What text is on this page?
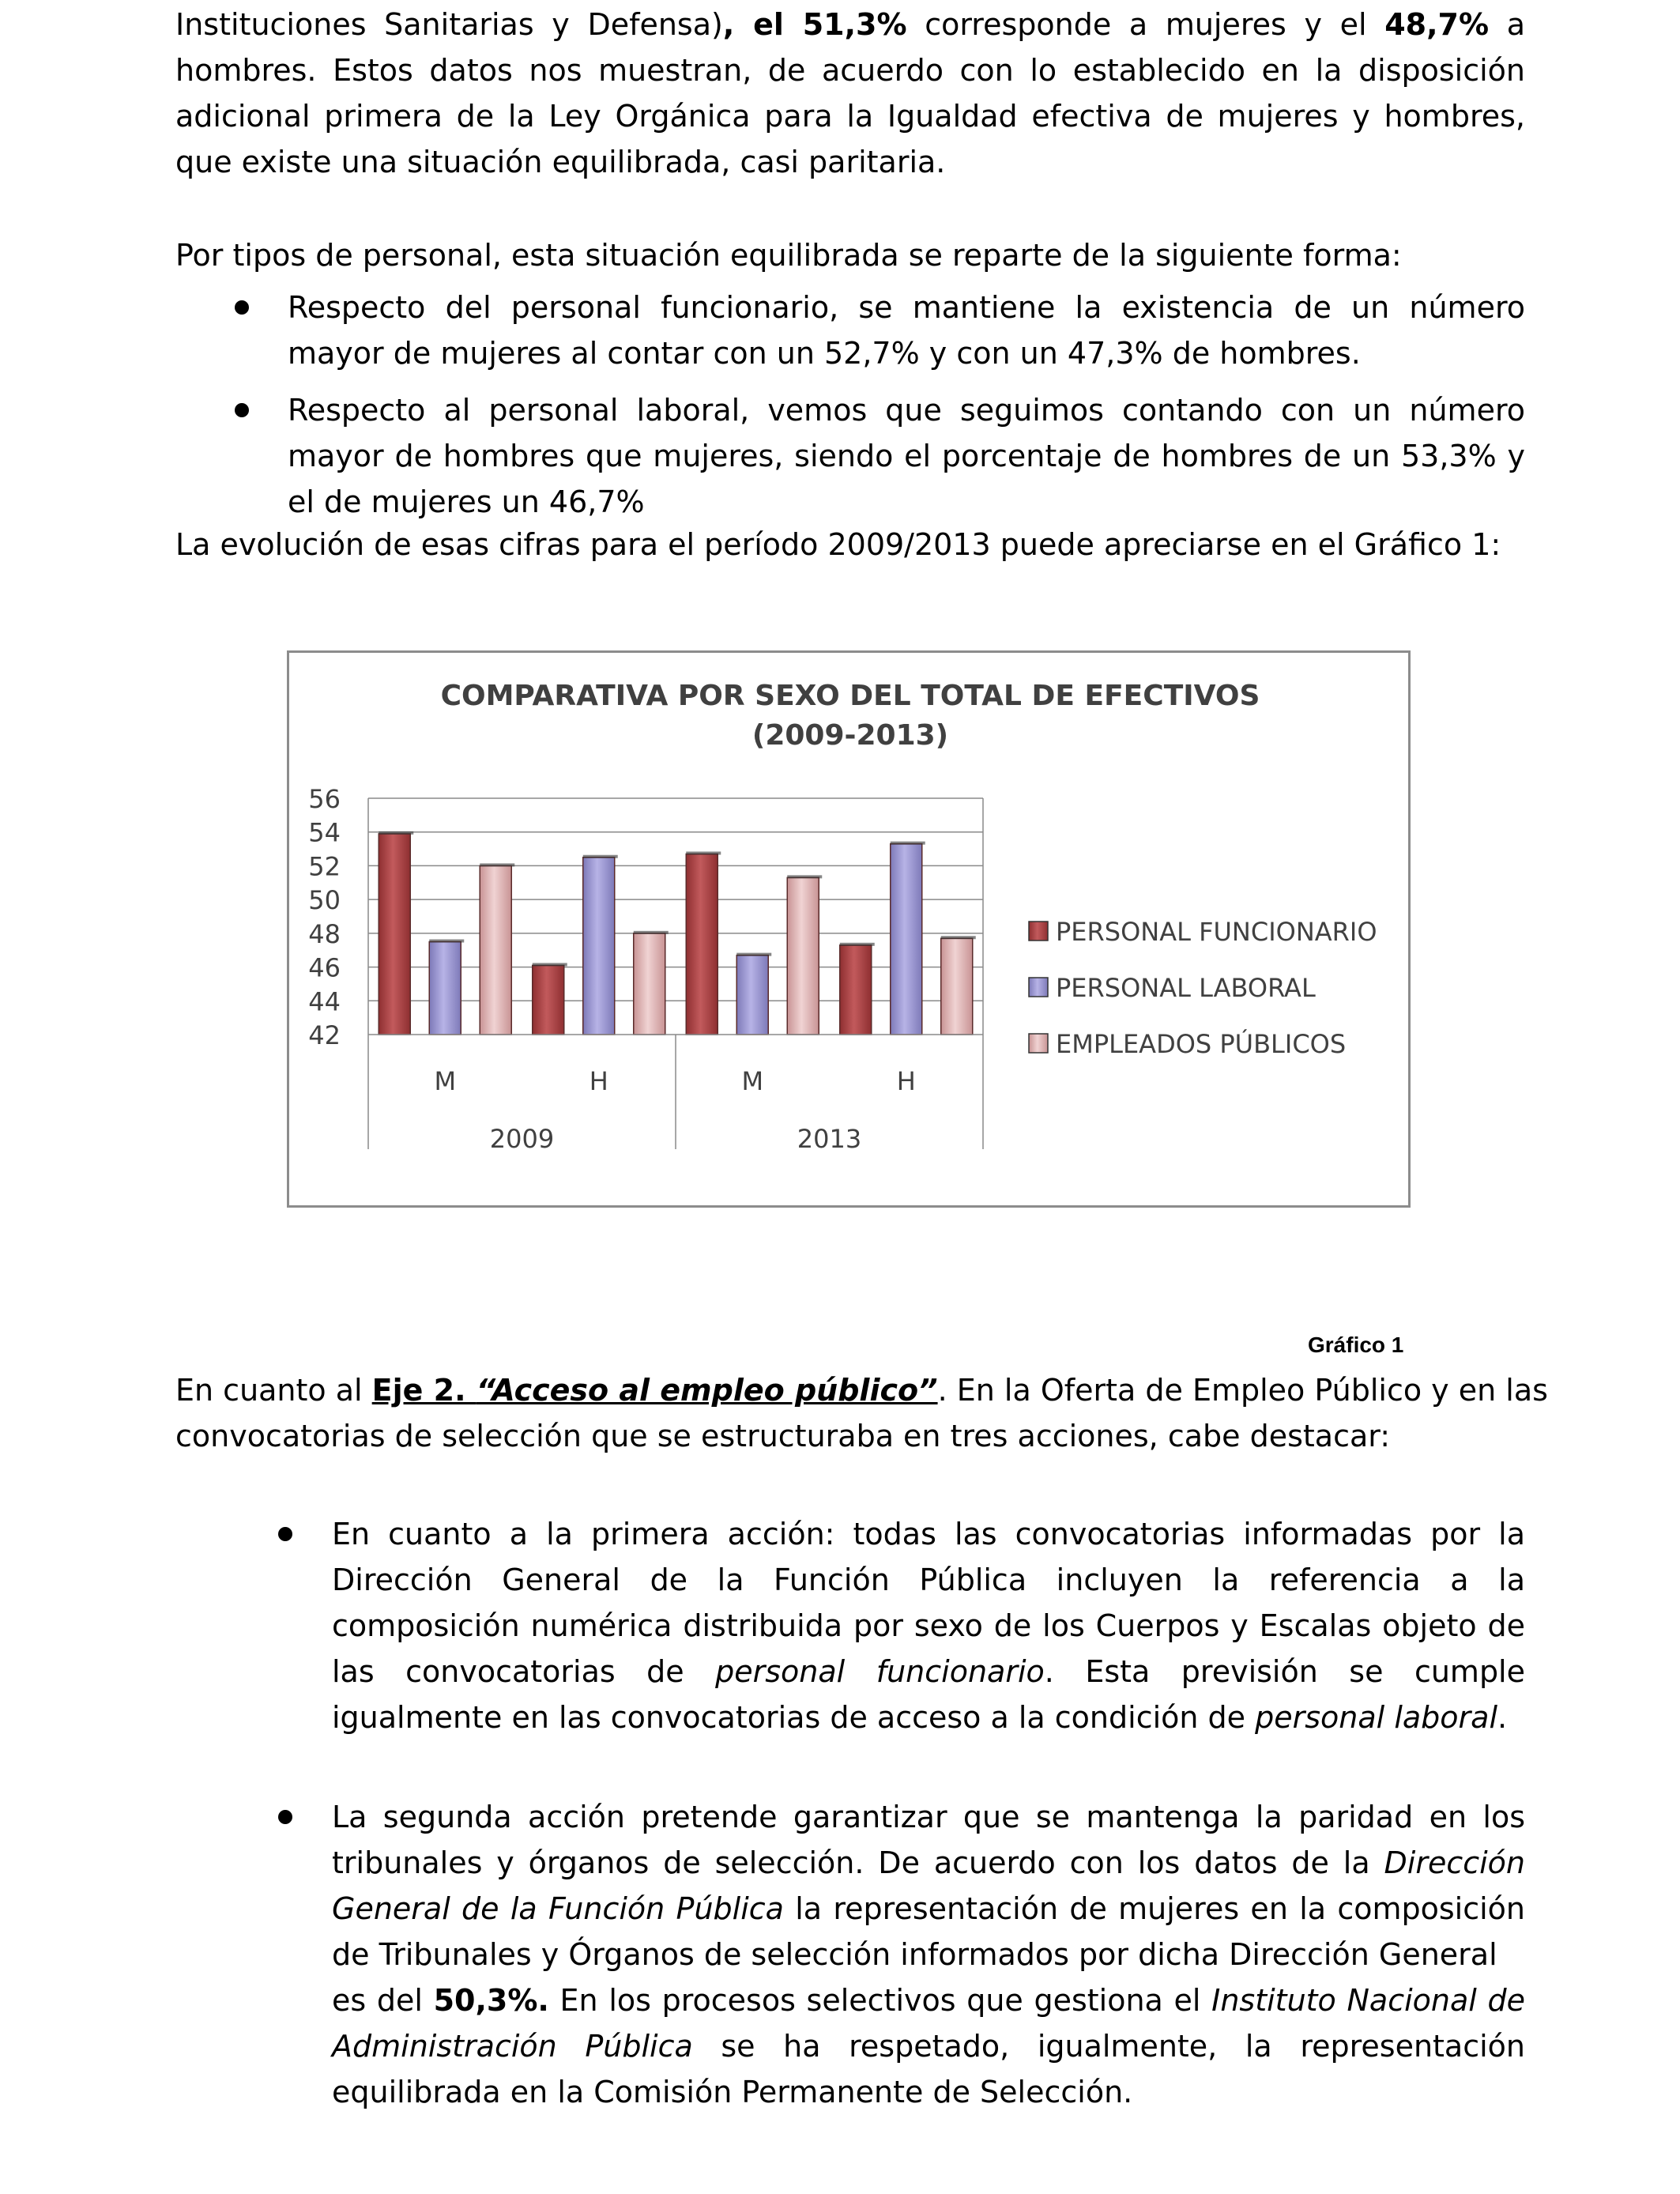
Instituciones Sanitarias y Defensa), el 51,3% corresponde a mujeres y el 48,7% a
hombres. Estos datos nos muestran, de acuerdo con lo establecido en la disposición
adicional primera de la Ley Orgánica para la Igualdad efectiva de mujeres y hombres,
que existe una situación equilibrada, casi paritaria.
Por tipos de personal, esta situación equilibrada se reparte de la siguiente forma:
Respecto del personal funcionario, se mantiene la existencia de un número
mayor de mujeres al contar con un 52,7% y con un 47,3% de hombres.
Respecto al personal laboral, vemos que seguimos contando con un número
mayor de hombres que mujeres, siendo el porcentaje de hombres de un 53,3% y
el de mujeres un 46,7%
La evolución de esas cifras para el período 2009/2013 puede apreciarse en el Gráfico 1:
COMPARATIVA POR SEXO DEL TOTAL DE EFECTIVOS
(2009-2013)
42
44
46
48
50
52
54
56
M	H	M	H
2009	2013
PERSONAL FUNCIONARIO
PERSONAL LABORAL
EMPLEADOS PÚBLICOS
Gráfico 1
En cuanto al Eje 2. “Acceso al empleo público”. En la Oferta de Empleo Público y en las
convocatorias de selección que se estructuraba en tres acciones, cabe destacar:
En cuanto a la primera acción: todas las convocatorias informadas por la
Dirección General de la Función Pública incluyen la referencia a la
composición numérica distribuida por sexo de los Cuerpos y Escalas objeto de
las convocatorias de personal funcionario. Esta previsión se cumple
igualmente en las convocatorias de acceso a la condición de personal laboral.
La segunda acción pretende garantizar que se mantenga la paridad en los
tribunales y órganos de selección. De acuerdo con los datos de la Dirección
General de la Función Pública la representación de mujeres en la composición
de Tribunales y Órganos de selección informados por dicha Dirección General
es del 50,3%. En los procesos selectivos que gestiona el Instituto Nacional de
Administración Pública se ha respetado, igualmente, la representación
equilibrada en la Comisión Permanente de Selección.
